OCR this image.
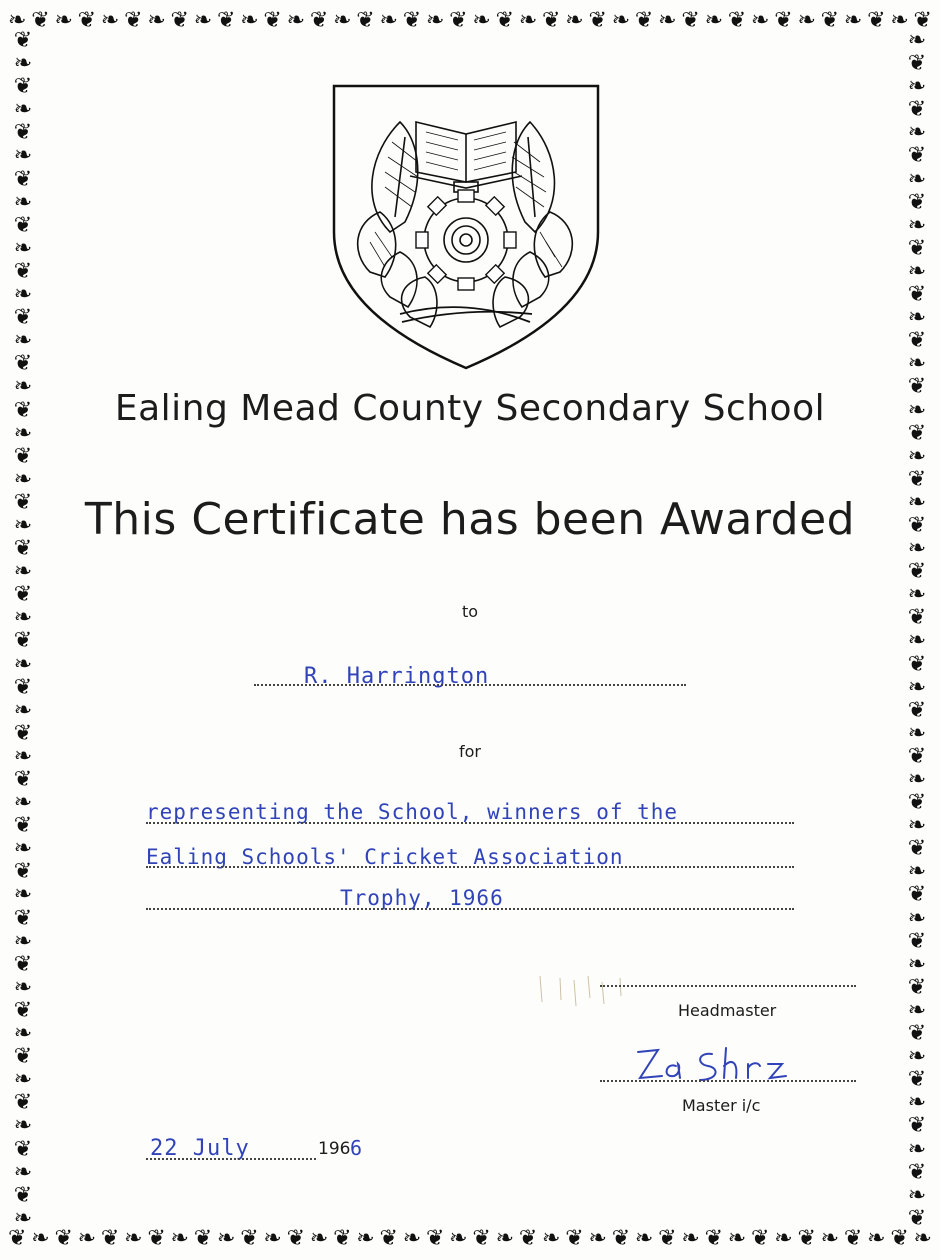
❧ ❦ ❧ ❦ ❧ ❦ ❧ ❦ ❧ ❦ ❧ ❦ ❧ ❦ ❧ ❦ ❧ ❦ ❧ ❦ ❧ ❦ ❧ ❦ ❧ ❦ ❧ ❦ ❧ ❦ ❧ ❦ ❧ ❦ ❧ ❦ ❧ ❦ ❧ ❦
❦ ❧ ❦ ❧ ❦ ❧ ❦ ❧ ❦ ❧ ❦ ❧ ❦ ❧ ❦ ❧ ❦ ❧ ❦ ❧ ❦ ❧ ❦ ❧ ❦ ❧ ❦ ❧ ❦ ❧ ❦ ❧ ❦ ❧ ❦ ❧ ❦ ❧ ❦ ❧
❦
❧
❦
❧
❦
❧
❦
❧
❦
❧
❦
❧
❦
❧
❦
❧
❦
❧
❦
❧
❦
❧
❦
❧
❦
❧
❦
❧
❦
❧
❦
❧
❦
❧
❦
❧
❦
❧
❦
❧
❦
❧
❦
❧
❦
❧
❦
❧
❦
❧
❦
❧
❧
❦
❧
❦
❧
❦
❧
❦
❧
❦
❧
❦
❧
❦
❧
❦
❧
❦
❧
❦
❧
❦
❧
❦
❧
❦
❧
❦
❧
❦
❧
❦
❧
❦
❧
❦
❧
❦
❧
❦
❧
❦
❧
❦
❧
❦
❧
❦
❧
❦
❧
❦
Ealing Mead County Secondary School
This Certificate has been Awarded
to
R. Harrington
for
representing the School, winners of the
Ealing Schools' Cricket Association
Trophy, 1966
Headmaster
Master i/c
22 July	196 6
